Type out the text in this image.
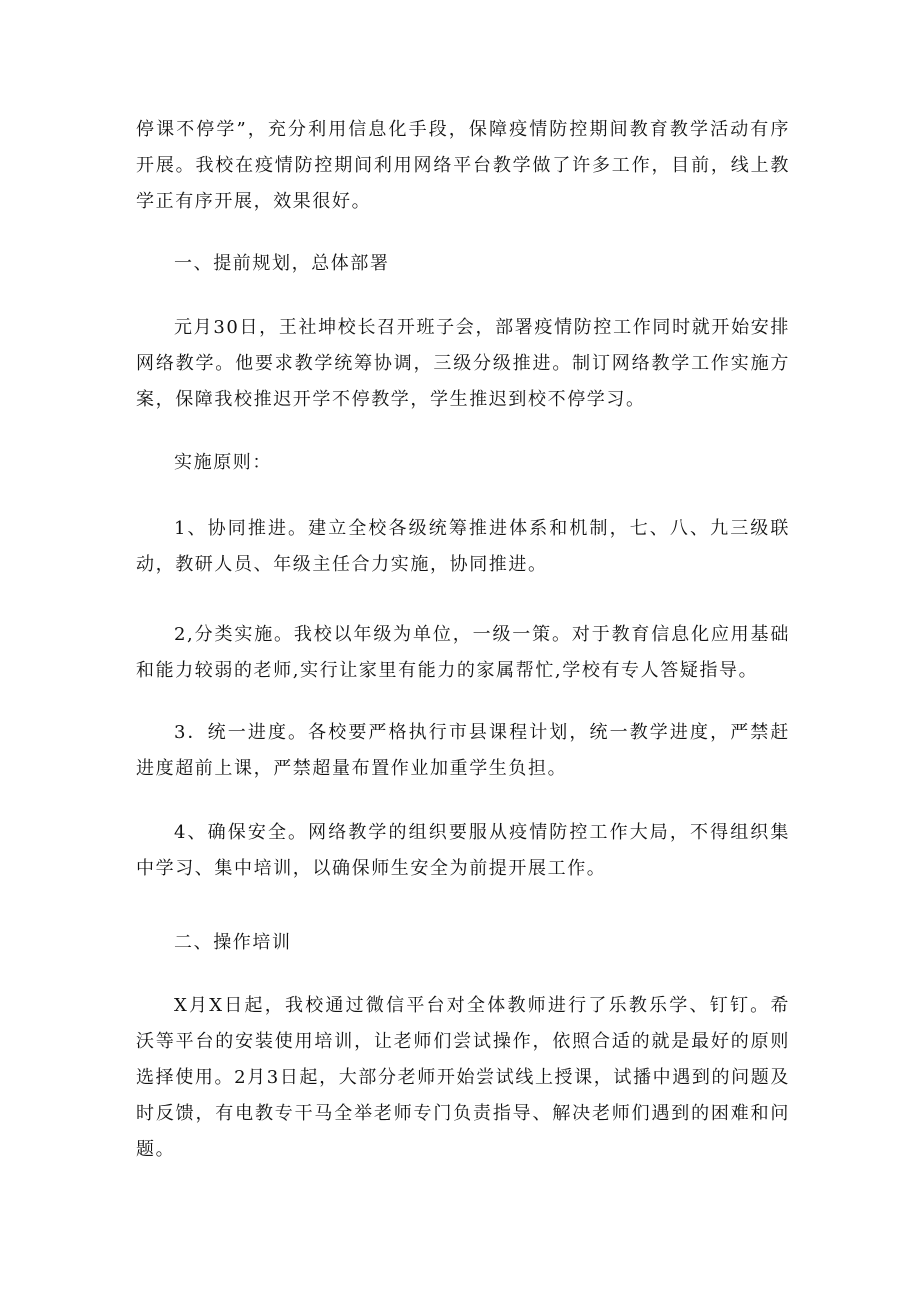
停课不停学”，充分利用信息化手段，保障疫情防控期间教育教学活动有序开展。我校在疫情防控期间利用网络平台教学做了许多工作，目前，线上教学正有序开展，效果很好。

一、提前规划，总体部署

元月30日，王社坤校长召开班子会，部署疫情防控工作同时就开始安排网络教学。他要求教学统筹协调，三级分级推进。制订网络教学工作实施方案，保障我校推迟开学不停教学，学生推迟到校不停学习。

实施原则：

1、协同推进。建立全校各级统筹推进体系和机制，七、八、九三级联动，教研人员、年级主任合力实施，协同推进。

2,分类实施。我校以年级为单位，一级一策。对于教育信息化应用基础和能力较弱的老师,实行让家里有能力的家属帮忙,学校有专人答疑指导。

3．统一进度。各校要严格执行市县课程计划，统一教学进度，严禁赶进度超前上课，严禁超量布置作业加重学生负担。

4、确保安全。网络教学的组织要服从疫情防控工作大局，不得组织集中学习、集中培训，以确保师生安全为前提开展工作。

二、操作培训

X月X日起，我校通过微信平台对全体教师进行了乐教乐学、钉钉。希沃等平台的安装使用培训，让老师们尝试操作，依照合适的就是最好的原则选择使用。2月3日起，大部分老师开始尝试线上授课，试播中遇到的问题及时反馈，有电教专干马全举老师专门负责指导、解决老师们遇到的困难和问题。
